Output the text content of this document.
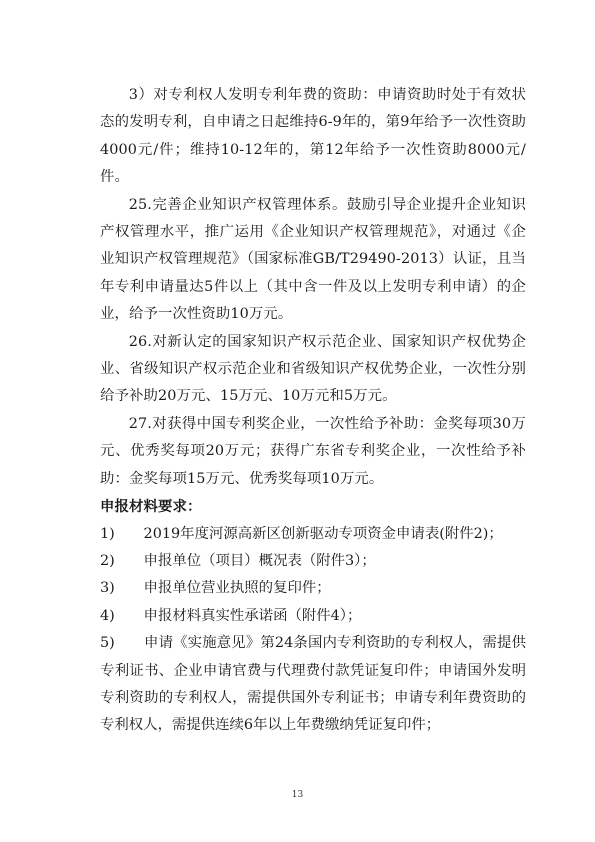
3）对专利权人发明专利年费的资助：申请资助时处于有效状态的发明专利，自申请之日起维持6-9年的，第9年给予一次性资助4000元/件；维持10-12年的，第12年给予一次性资助8000元/件。

25.完善企业知识产权管理体系。鼓励引导企业提升企业知识产权管理水平，推广运用《企业知识产权管理规范》，对通过《企业知识产权管理规范》（国家标准GB/T29490-2013）认证，且当年专利申请量达5件以上（其中含一件及以上发明专利申请）的企业，给予一次性资助10万元。

26.对新认定的国家知识产权示范企业、国家知识产权优势企业、省级知识产权示范企业和省级知识产权优势企业，一次性分别给予补助20万元、15万元、10万元和5万元。

27.对获得中国专利奖企业，一次性给予补助：金奖每项30万元、优秀奖每项20万元；获得广东省专利奖企业，一次性给予补助：金奖每项15万元、优秀奖每项10万元。

申报材料要求：

1)　　2019年度河源高新区创新驱动专项资金申请表(附件2)；

2)　　申报单位（项目）概况表（附件3）；

3)　　申报单位营业执照的复印件；

4)　　申报材料真实性承诺函（附件4）；

5)　　申请《实施意见》第24条国内专利资助的专利权人，需提供专利证书、企业申请官费与代理费付款凭证复印件；申请国外发明专利资助的专利权人，需提供国外专利证书；申请专利年费资助的专利权人，需提供连续6年以上年费缴纳凭证复印件；

13
